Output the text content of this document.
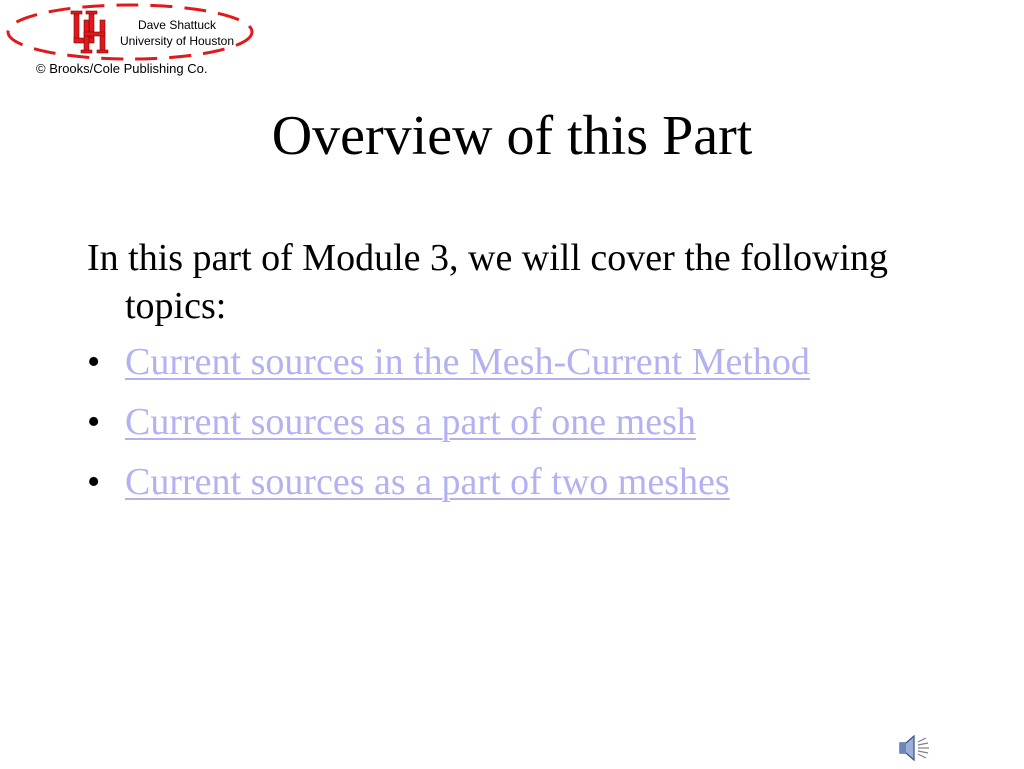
Dave Shattuck
University of Houston
© Brooks/Cole Publishing Co.
Overview of this Part

In this part of Module 3, we will cover the following topics:

• Current sources in the Mesh-Current Method
• Current sources as a part of one mesh
• Current sources as a part of two meshes
